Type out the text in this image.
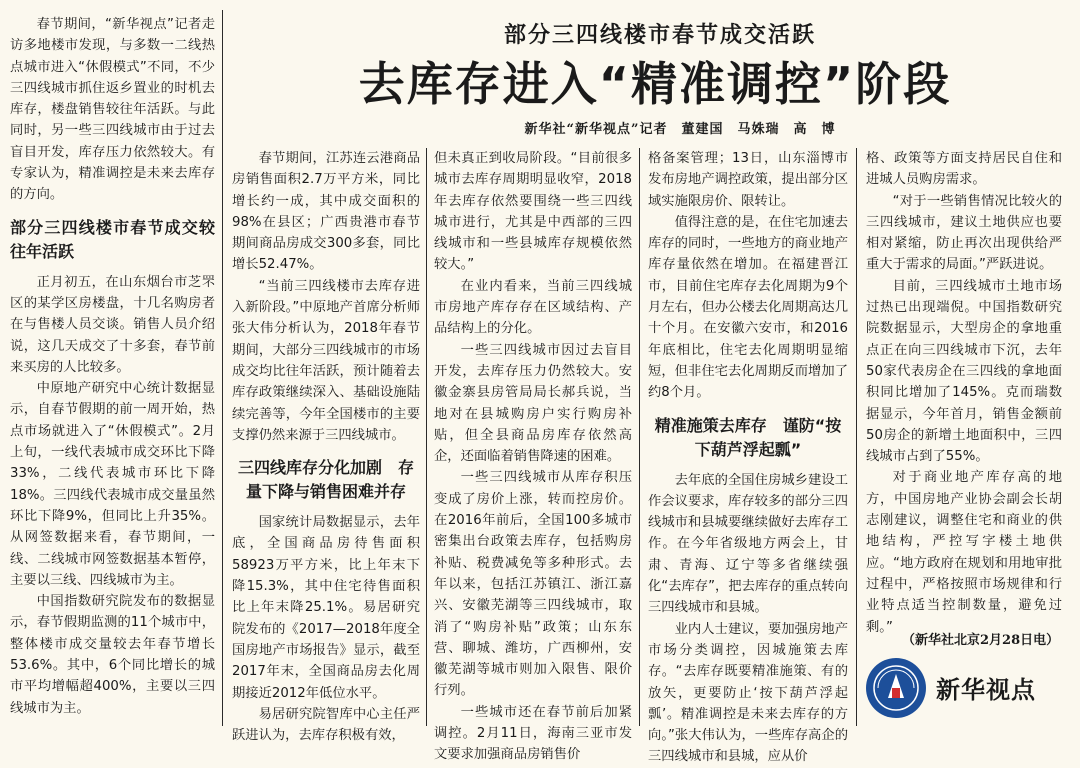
部分三四线楼市春节成交活跃
去库存进入“精准调控”阶段
新华社“新华视点”记者　董建国　马姝瑞　高　博

春节期间，“新华视点”记者走访多地楼市发现，与多数一二线热点城市进入“休假模式”不同，不少三四线城市抓住返乡置业的时机去库存，楼盘销售较往年活跃。与此同时，另一些三四线城市由于过去盲目开发，库存压力依然较大。有专家认为，精准调控是未来去库存的方向。

部分三四线楼市春节成交较往年活跃

正月初五，在山东烟台市芝罘区的某学区房楼盘，十几名购房者在与售楼人员交谈。销售人员介绍说，这几天成交了十多套，春节前来买房的人比较多。

中原地产研究中心统计数据显示，自春节假期的前一周开始，热点市场就进入了“休假模式”。2月上旬，一线代表城市成交环比下降33%，二线代表城市环比下降18%。三四线代表城市成交量虽然环比下降9%，但同比上升35%。从网签数据来看，春节期间，一线、二线城市网签数据基本暂停，主要以三线、四线城市为主。

中国指数研究院发布的数据显示，春节假期监测的11个城市中，整体楼市成交量较去年春节增长53.6%。其中，6个同比增长的城市平均增幅超400%，主要以三四线城市为主。

春节期间，江苏连云港商品房销售面积2.7万平方米，同比增长约一成，其中成交面积的98%在县区；广西贵港市春节期间商品房成交300多套，同比增长52.47%。

“当前三四线楼市去库存进入新阶段。”中原地产首席分析师张大伟分析认为，2018年春节期间，大部分三四线城市的市场成交均比往年活跃，预计随着去库存政策继续深入、基础设施陆续完善等，今年全国楼市的主要支撑仍然来源于三四线城市。

三四线库存分化加剧　存量下降与销售困难并存

国家统计局数据显示，去年底，全国商品房待售面积58923万平方米，比上年末下降15.3%，其中住宅待售面积比上年末降25.1%。易居研究院发布的《2017—2018年度全国房地产市场报告》显示，截至2017年末，全国商品房去化周期接近2012年低位水平。

易居研究院智库中心主任严跃进认为，去库存积极有效，

但未真正到收局阶段。“目前很多城市去库存周期明显收窄，2018年去库存依然要围绕一些三四线城市进行，尤其是中西部的三四线城市和一些县城库存规模依然较大。”

在业内看来，当前三四线城市房地产库存存在区域结构、产品结构上的分化。

一些三四线城市因过去盲目开发，去库存压力仍然较大。安徽金寨县房管局局长郝兵说，当地对在县城购房户实行购房补贴，但全县商品房库存依然高企，还面临着销售降速的困难。

一些三四线城市从库存积压变成了房价上涨，转而控房价。在2016年前后，全国100多城市密集出台政策去库存，包括购房补贴、税费减免等多种形式。去年以来，包括江苏镇江、浙江嘉兴、安徽芜湖等三四线城市，取消了“购房补贴”政策；山东东营、聊城、潍坊，广西柳州，安徽芜湖等城市则加入限售、限价行列。

一些城市还在春节前后加紧调控。2月11日，海南三亚市发文要求加强商品房销售价

格备案管理；13日，山东淄博市发布房地产调控政策，提出部分区域实施限房价、限转让。

值得注意的是，在住宅加速去库存的同时，一些地方的商业地产库存量依然在增加。在福建晋江市，目前住宅库存去化周期为9个月左右，但办公楼去化周期高达几十个月。在安徽六安市，和2016年底相比，住宅去化周期明显缩短，但非住宅去化周期反而增加了约8个月。

精准施策去库存　谨防“按下葫芦浮起瓢”

去年底的全国住房城乡建设工作会议要求，库存较多的部分三四线城市和县城要继续做好去库存工作。在今年省级地方两会上，甘肃、青海、辽宁等多省继续强化“去库存”，把去库存的重点转向三四线城市和县城。

业内人士建议，要加强房地产市场分类调控，因城施策去库存。“去库存既要精准施策、有的放矢，更要防止‘按下葫芦浮起瓢’。精准调控是未来去库存的方向。”张大伟认为，一些库存高企的三四线城市和县城，应从价

格、政策等方面支持居民自住和进城人员购房需求。

“对于一些销售情况比较火的三四线城市，建议土地供应也要相对紧缩，防止再次出现供给严重大于需求的局面。”严跃进说。

目前，三四线城市土地市场过热已出现端倪。中国指数研究院数据显示，大型房企的拿地重点正在向三四线城市下沉，去年50家代表房企在三四线的拿地面积同比增加了145%。克而瑞数据显示，今年首月，销售金额前50房企的新增土地面积中，三四线城市占到了55%。

对于商业地产库存高的地方，中国房地产业协会副会长胡志刚建议，调整住宅和商业的供地结构，严控写字楼土地供应。“地方政府在规划和用地审批过程中，严格按照市场规律和行业特点适当控制数量，避免过剩。”

（新华社北京2月28日电）
新华视点
